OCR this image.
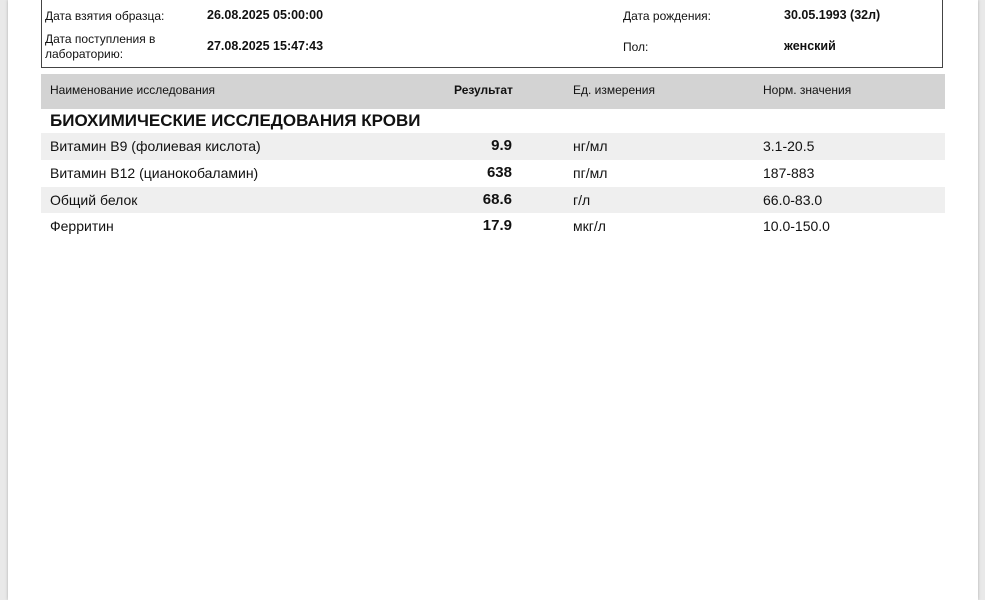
Дата взятия образца:	26.08.2025 05:00:00
Дата поступления в лабораторию:
27.08.2025 15:47:43
Дата рождения:	30.05.1993 (32л)
Пол:	женский
Наименование исследования	Результат	Ед. измерения	Норм. значения
БИОХИМИЧЕСКИЕ ИССЛЕДОВАНИЯ КРОВИ
Витамин B9 (фолиевая кислота)	9.9	нг/мл	3.1-20.5
Витамин B12 (цианокобаламин)	638	пг/мл	187-883
Общий белок	68.6	г/л	66.0-83.0
Ферритин	17.9	мкг/л	10.0-150.0
